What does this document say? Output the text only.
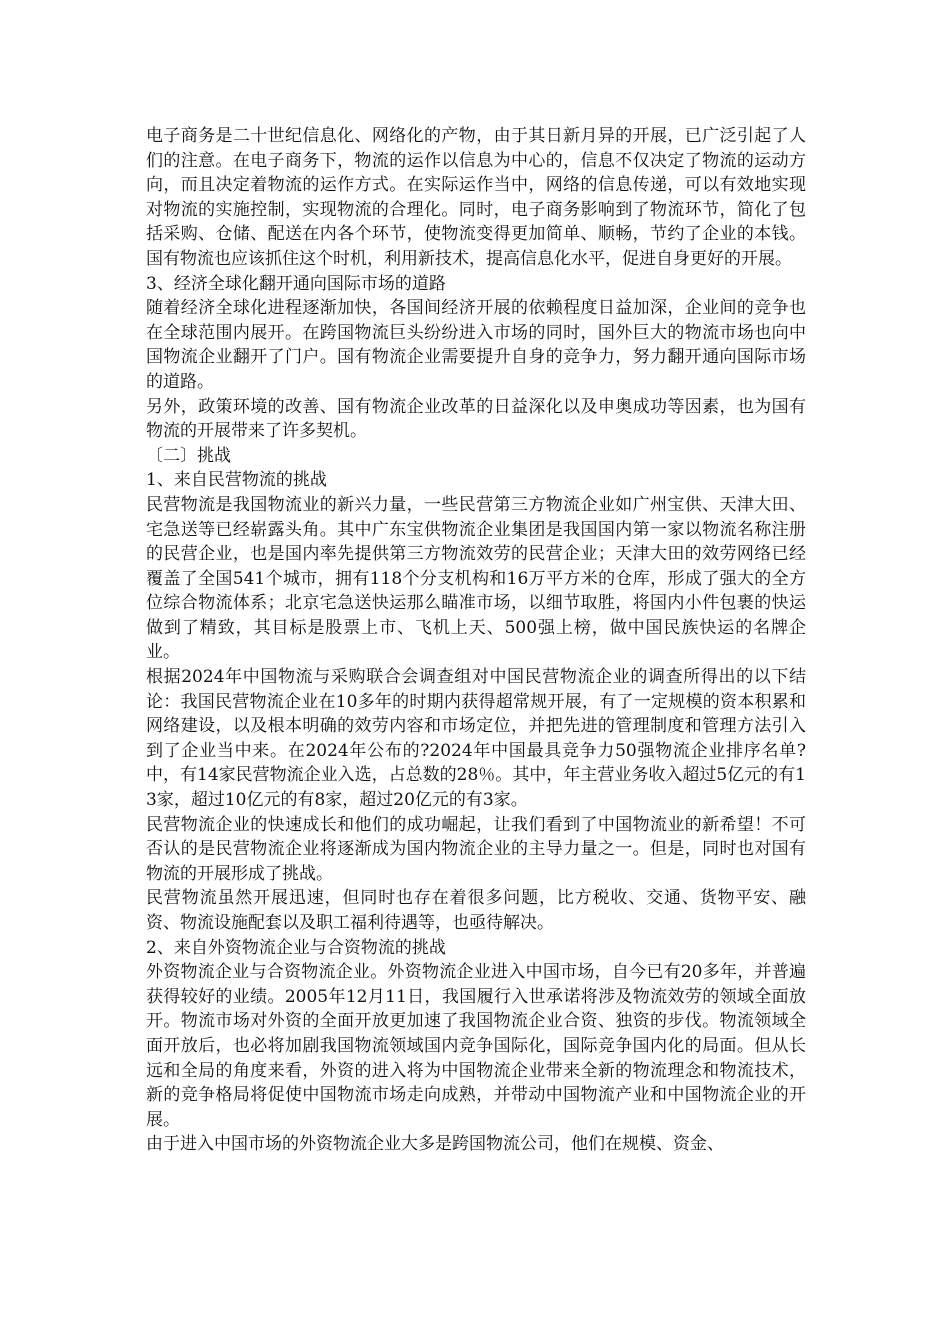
电子商务是二十世纪信息化、网络化的产物，由于其日新月异的开展，已广泛引起了人们的注意。在电子商务下，物流的运作以信息为中心的，信息不仅决定了物流的运动方向，而且决定着物流的运作方式。在实际运作当中，网络的信息传递，可以有效地实现对物流的实施控制，实现物流的合理化。同时，电子商务影响到了物流环节，简化了包括采购、仓储、配送在内各个环节，使物流变得更加简单、顺畅，节约了企业的本钱。国有物流也应该抓住这个时机，利用新技术，提高信息化水平，促进自身更好的开展。

3、经济全球化翻开通向国际市场的道路

随着经济全球化进程逐渐加快，各国间经济开展的依赖程度日益加深，企业间的竞争也在全球范围内展开。在跨国物流巨头纷纷进入市场的同时，国外巨大的物流市场也向中国物流企业翻开了门户。国有物流企业需要提升自身的竞争力，努力翻开通向国际市场的道路。

另外，政策环境的改善、国有物流企业改革的日益深化以及申奥成功等因素，也为国有物流的开展带来了许多契机。

〔二〕挑战

1、来自民营物流的挑战

民营物流是我国物流业的新兴力量，一些民营第三方物流企业如广州宝供、天津大田、宅急送等已经崭露头角。其中广东宝供物流企业集团是我国国内第一家以物流名称注册的民营企业，也是国内率先提供第三方物流效劳的民营企业；天津大田的效劳网络已经覆盖了全国541个城市，拥有118个分支机构和16万平方米的仓库，形成了强大的全方位综合物流体系；北京宅急送快运那么瞄准市场，以细节取胜，将国内小件包裹的快运做到了精致，其目标是股票上市、飞机上天、500强上榜，做中国民族快运的名牌企业。

根据2024年中国物流与采购联合会调查组对中国民营物流企业的调查所得出的以下结论：我国民营物流企业在10多年的时期内获得超常规开展，有了一定规模的资本积累和网络建设，以及根本明确的效劳内容和市场定位，并把先进的管理制度和管理方法引入到了企业当中来。在2024年公布的?2024年中国最具竞争力50强物流企业排序名单?中，有14家民营物流企业入选，占总数的28％。其中，年主营业务收入超过5亿元的有13家，超过10亿元的有8家，超过20亿元的有3家。

民营物流企业的快速成长和他们的成功崛起，让我们看到了中国物流业的新希望！不可否认的是民营物流企业将逐渐成为国内物流企业的主导力量之一。但是，同时也对国有物流的开展形成了挑战。

民营物流虽然开展迅速，但同时也存在着很多问题，比方税收、交通、货物平安、融资、物流设施配套以及职工福利待遇等，也亟待解决。

2、来自外资物流企业与合资物流的挑战

外资物流企业与合资物流企业。外资物流企业进入中国市场，自今已有20多年，并普遍获得较好的业绩。2005年12月11日，我国履行入世承诺将涉及物流效劳的领域全面放开。物流市场对外资的全面开放更加速了我国物流企业合资、独资的步伐。物流领域全面开放后，也必将加剧我国物流领域国内竞争国际化，国际竞争国内化的局面。但从长远和全局的角度来看，外资的进入将为中国物流企业带来全新的物流理念和物流技术，新的竞争格局将促使中国物流市场走向成熟，并带动中国物流产业和中国物流企业的开展。

由于进入中国市场的外资物流企业大多是跨国物流公司，他们在规模、资金、
